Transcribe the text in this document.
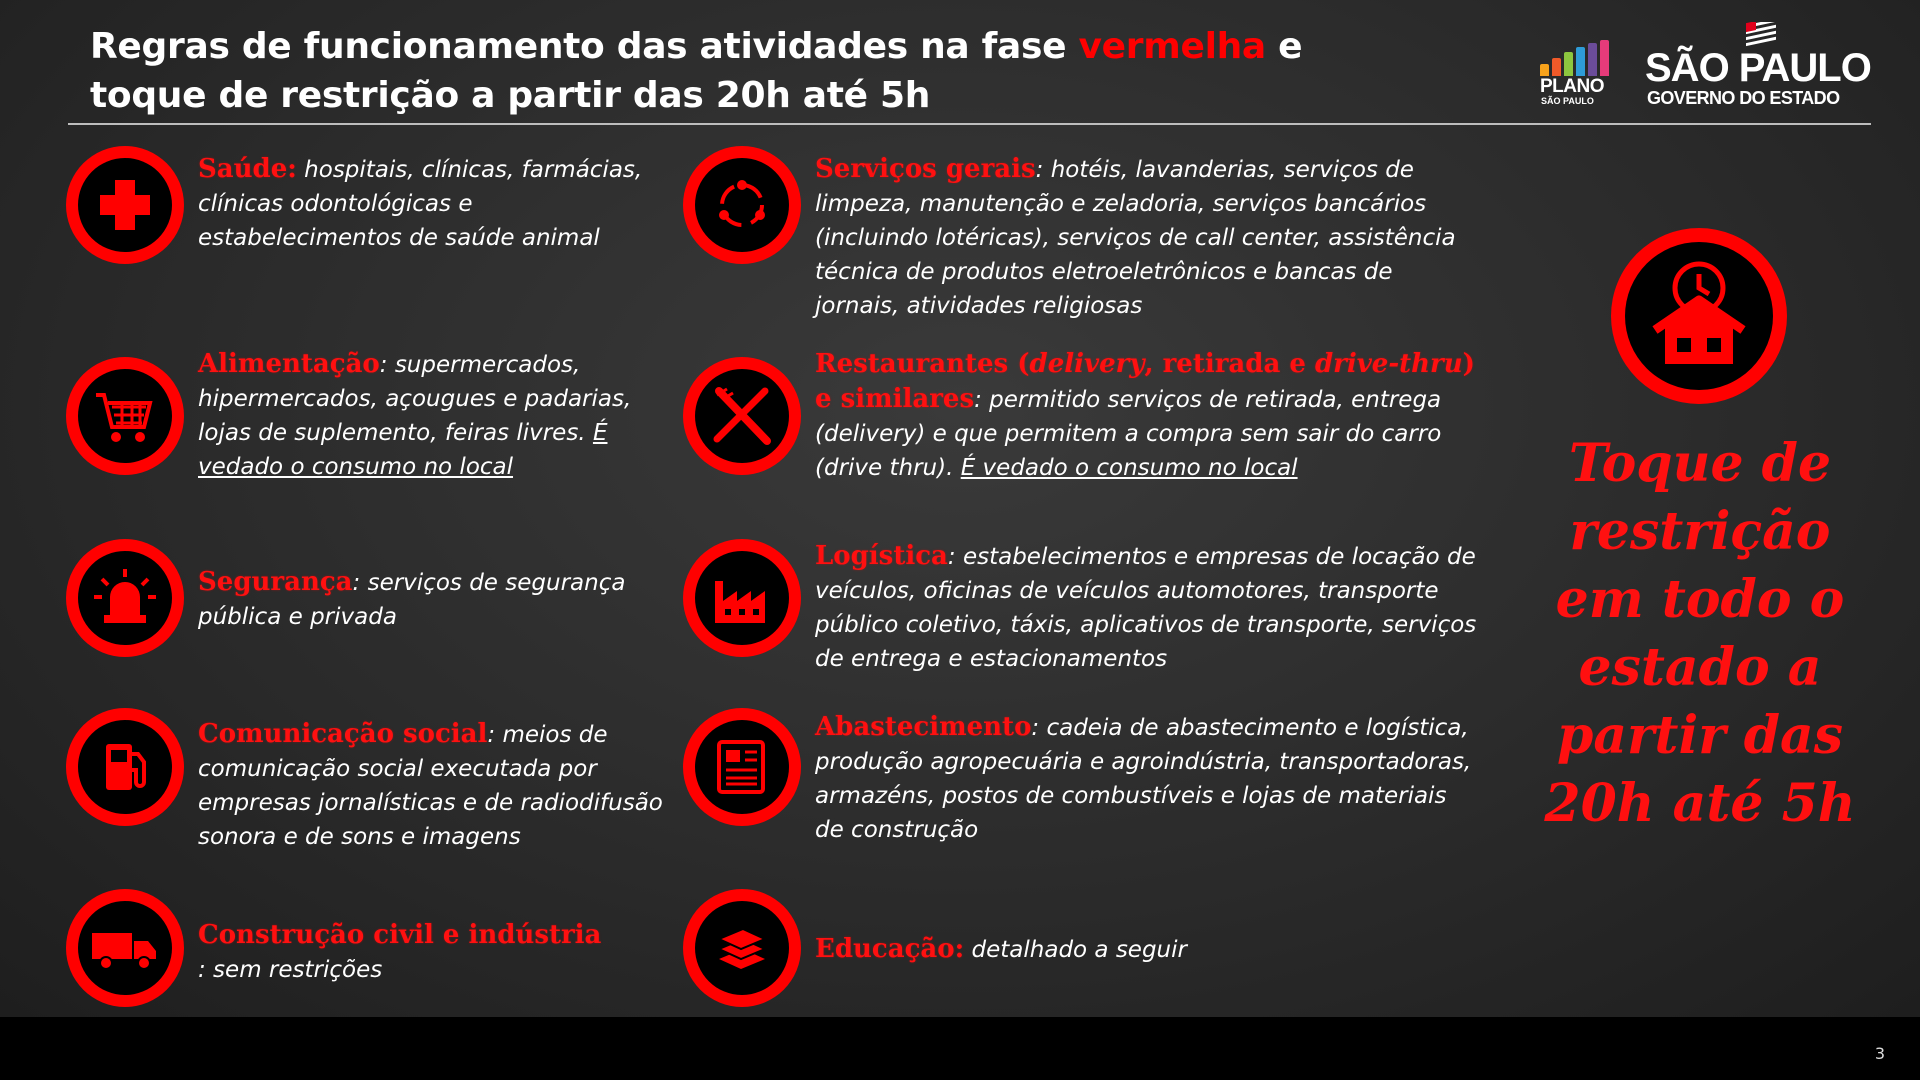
Regras de funcionamento das atividades na fase vermelha e toque de restrição a partir das 20h até 5h	PLANO
SÃO PAULO
SÃO PAULO
GOVERNO DO ESTADO
Saúde: hospitais, clínicas, farmácias, clínicas odontológicas e estabelecimentos de saúde animal
Serviços gerais: hotéis, lavanderias, serviços de limpeza, manutenção e zeladoria, serviços bancários (incluindo lotéricas), serviços de call center, assistência técnica de produtos eletroeletrônicos e bancas de jornais, atividades religiosas
Alimentação: supermercados, hipermercados, açougues e padarias, lojas de suplemento, feiras livres. É vedado o consumo no local
Restaurantes (delivery, retirada e drive-thru) e similares: permitido serviços de retirada, entrega (delivery) e que permitem a compra sem sair do carro (drive thru). É vedado o consumo no local
Segurança: serviços de segurança pública e privada
Logística: estabelecimentos e empresas de locação de veículos, oficinas de veículos automotores, transporte público coletivo, táxis, aplicativos de transporte, serviços de entrega e estacionamentos
Comunicação social: meios de comunicação social executada por empresas jornalísticas e de radiodifusão sonora e de sons e imagens
Abastecimento: cadeia de abastecimento e logística, produção agropecuária e agroindústria, transportadoras, armazéns, postos de combustíveis e lojas de materiais de construção
Construção civil e indústria
: sem restrições
Educação: detalhado a seguir
Toque de restrição em todo o estado a partir das 20h até 5h
3
